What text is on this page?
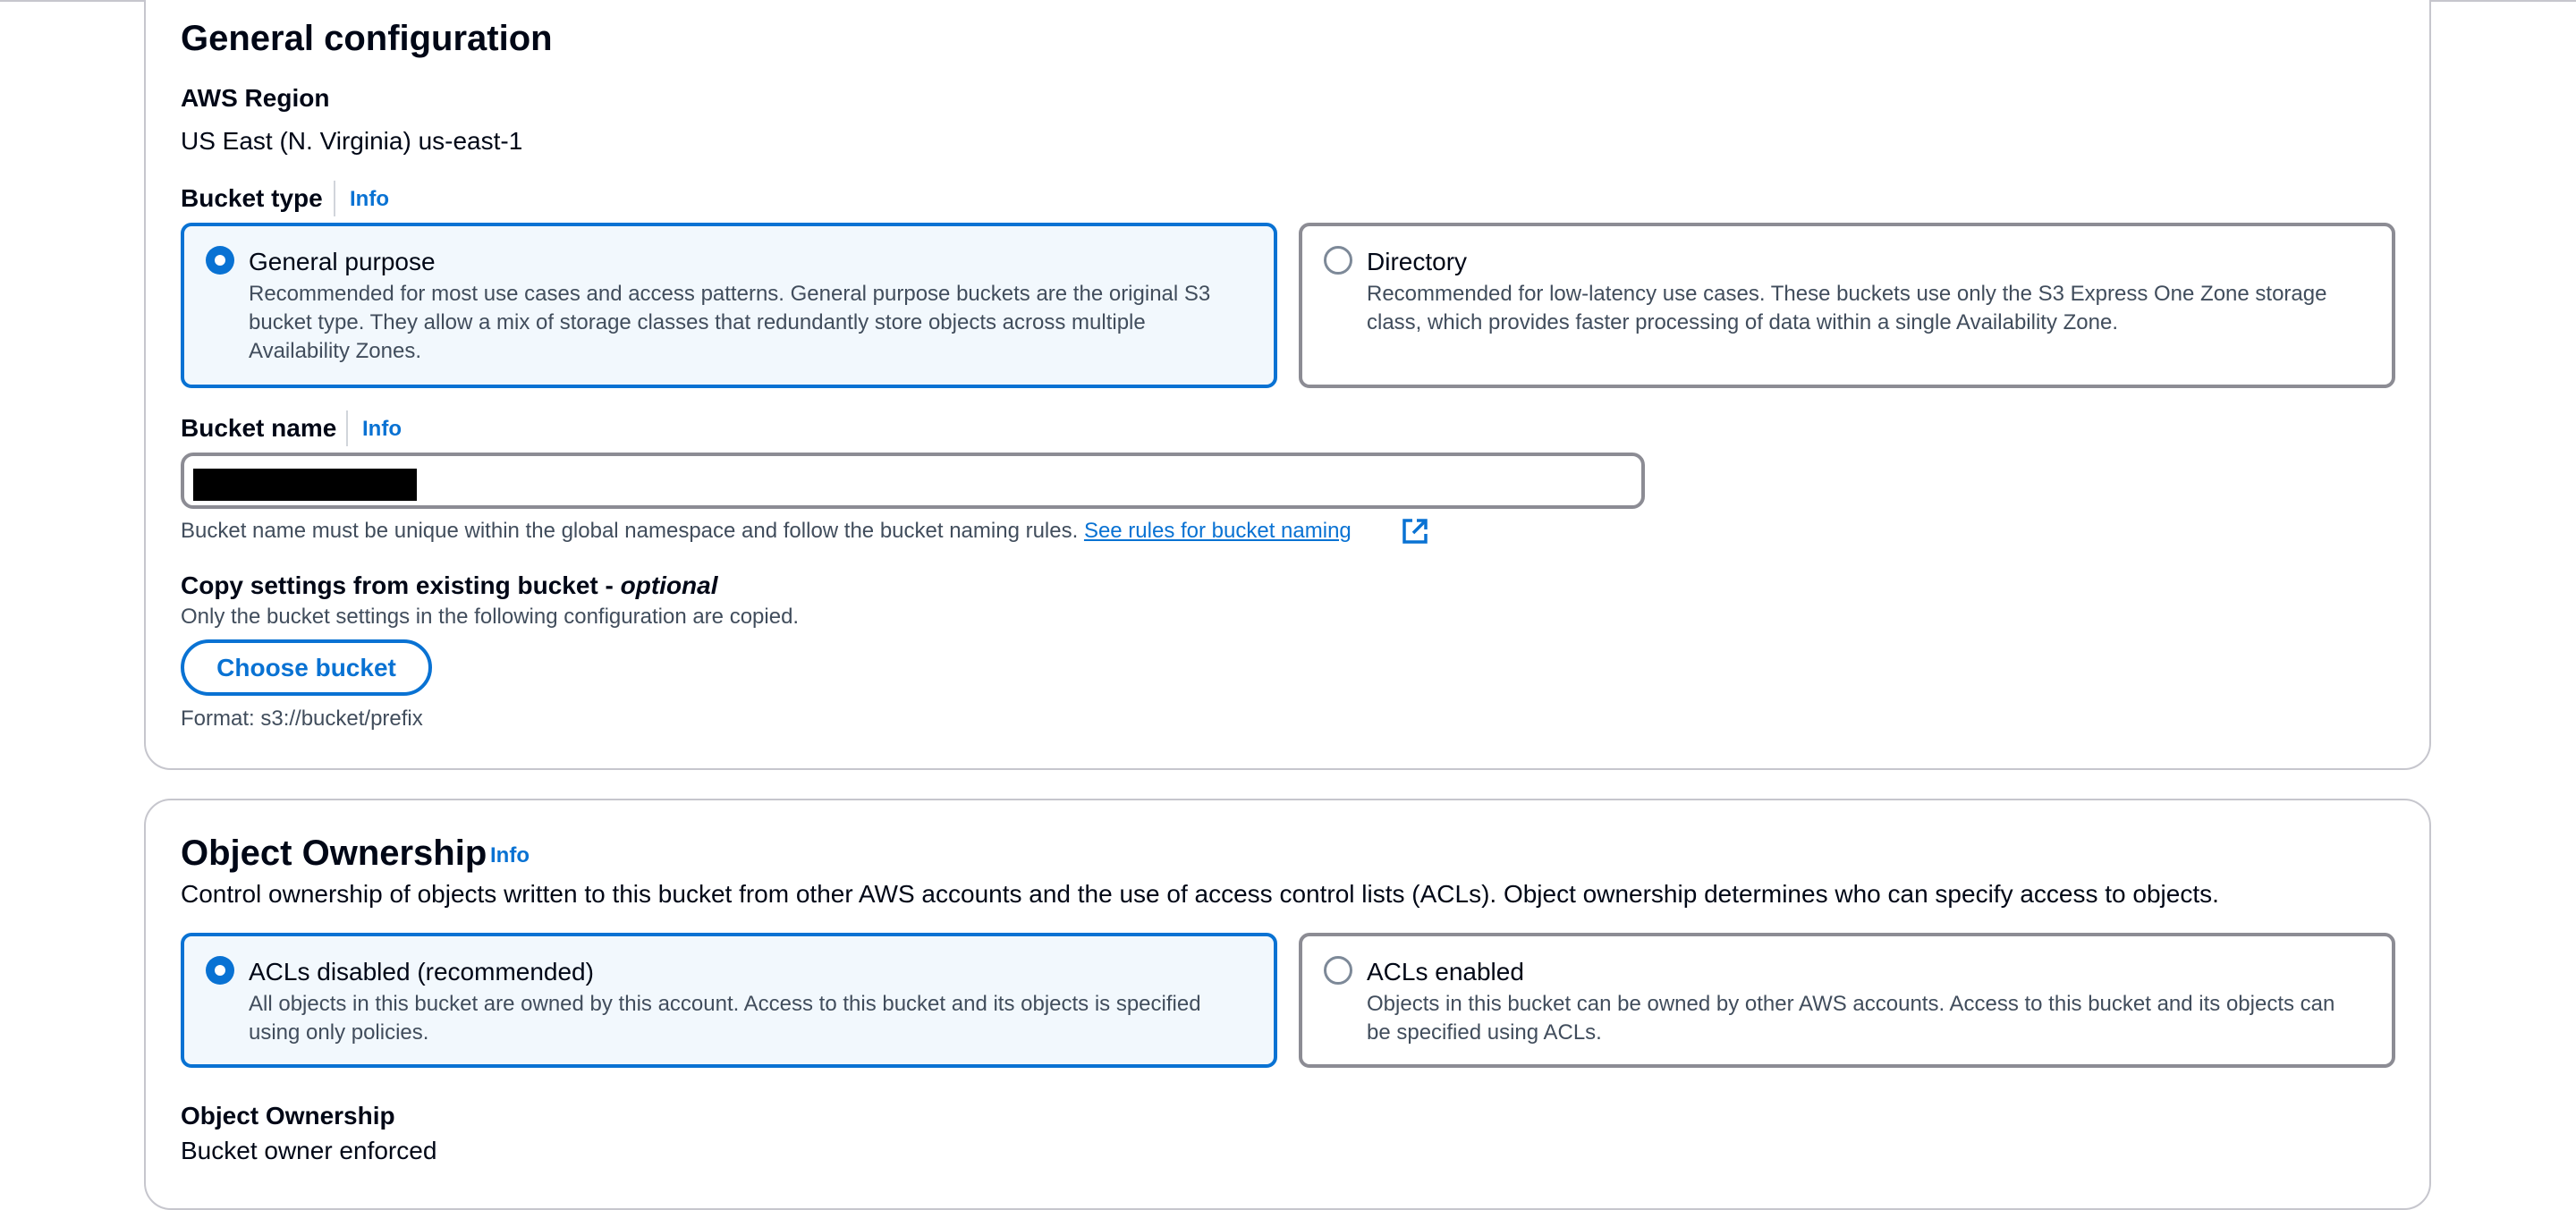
General configuration
AWS Region
US East (N. Virginia) us-east-1
Bucket type Info
General purpose
Recommended for most use cases and access patterns. General purpose buckets are the original S3
bucket type. They allow a mix of storage classes that redundantly store objects across multiple
Availability Zones.
Directory
Recommended for low-latency use cases. These buckets use only the S3 Express One Zone storage
class, which provides faster processing of data within a single Availability Zone.
Bucket name Info
Bucket name must be unique within the global namespace and follow the bucket naming rules. See rules for bucket naming
Copy settings from existing bucket - optional
Only the bucket settings in the following configuration are copied.
Choose bucket
Format: s3://bucket/prefix
Object Ownership Info
Control ownership of objects written to this bucket from other AWS accounts and the use of access control lists (ACLs). Object ownership determines who can specify access to objects.
ACLs disabled (recommended)
All objects in this bucket are owned by this account. Access to this bucket and its objects is specified
using only policies.
ACLs enabled
Objects in this bucket can be owned by other AWS accounts. Access to this bucket and its objects can
be specified using ACLs.
Object Ownership
Bucket owner enforced
